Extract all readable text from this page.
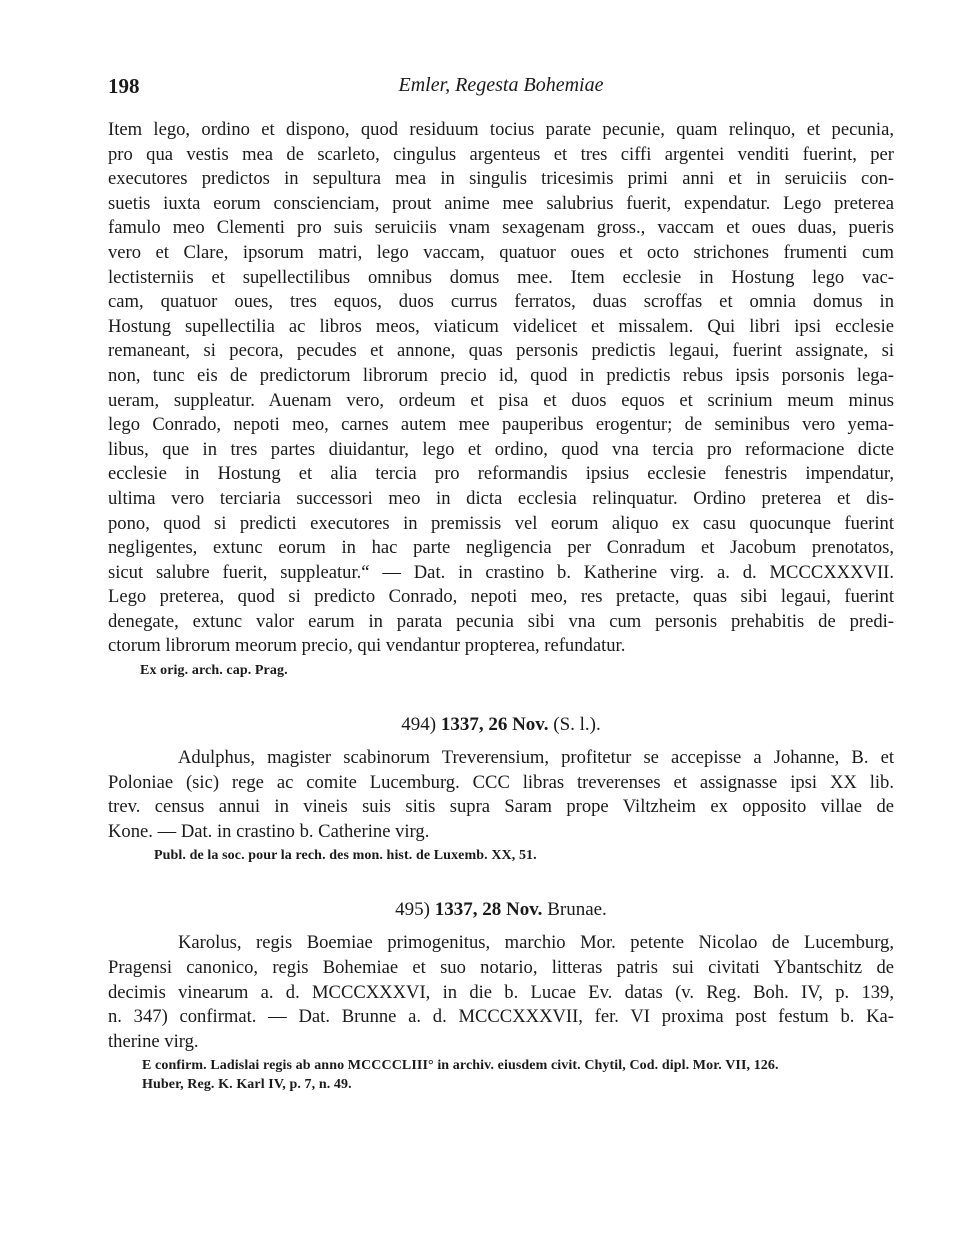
198	Emler, Regesta Bohemiae

Item lego, ordino et dispono, quod residuum tocius parate pecunie, quam relinquo, et pecunia,
pro qua vestis mea de scarleto, cingulus argenteus et tres ciffi argentei venditi fuerint, per
executores predictos in sepultura mea in singulis tricesimis primi anni et in seruiciis con-
suetis iuxta eorum conscienciam, prout anime mee salubrius fuerit, expendatur. Lego preterea
famulo meo Clementi pro suis seruiciis vnam sexagenam gross., vaccam et oues duas, pueris
vero et Clare, ipsorum matri, lego vaccam, quatuor oues et octo strichones frumenti cum
lectisterniis et supellectilibus omnibus domus mee. Item ecclesie in Hostung lego vac-
cam, quatuor oues, tres equos, duos currus ferratos, duas scroffas et omnia domus in
Hostung supellectilia ac libros meos, viaticum videlicet et missalem. Qui libri ipsi ecclesie
remaneant, si pecora, pecudes et annone, quas personis predictis legaui, fuerint assignate, si
non, tunc eis de predictorum librorum precio id, quod in predictis rebus ipsis porsonis lega-
ueram, suppleatur. Auenam vero, ordeum et pisa et duos equos et scrinium meum minus
lego Conrado, nepoti meo, carnes autem mee pauperibus erogentur; de seminibus vero yema-
libus, que in tres partes diuidantur, lego et ordino, quod vna tercia pro reformacione dicte
ecclesie in Hostung et alia tercia pro reformandis ipsius ecclesie fenestris impendatur,
ultima vero terciaria successori meo in dicta ecclesia relinquatur. Ordino preterea et dis-
pono, quod si predicti executores in premissis vel eorum aliquo ex casu quocunque fuerint
negligentes, extunc eorum in hac parte negligencia per Conradum et Jacobum prenotatos,
sicut salubre fuerit, suppleatur.“ — Dat. in crastino b. Katherine virg. a. d. MCCCXXXVII.
Lego preterea, quod si predicto Conrado, nepoti meo, res pretacte, quas sibi legaui, fuerint
denegate, extunc valor earum in parata pecunia sibi vna cum personis prehabitis de predi-
ctorum librorum meorum precio, qui vendantur propterea, refundatur.

Ex orig. arch. cap. Prag.
494) 1337, 26 Nov. (S. l.).

Adulphus, magister scabinorum Treverensium, profitetur se accepisse a Johanne, B. et
Poloniae (sic) rege ac comite Lucemburg. CCC libras treverenses et assignasse ipsi XX lib.
trev. census annui in vineis suis sitis supra Saram prope Viltzheim ex opposito villae de
Kone. — Dat. in crastino b. Catherine virg.

Publ. de la soc. pour la rech. des mon. hist. de Luxemb. XX, 51.
495) 1337, 28 Nov. Brunae.

Karolus, regis Boemiae primogenitus, marchio Mor. petente Nicolao de Lucemburg,
Pragensi canonico, regis Bohemiae et suo notario, litteras patris sui civitati Ybantschitz de
decimis vinearum a. d. MCCCXXXVI, in die b. Lucae Ev. datas (v. Reg. Boh. IV, p. 139,
n. 347) confirmat. — Dat. Brunne a. d. MCCCXXXVII, fer. VI proxima post festum b. Ka-
therine virg.

E confirm. Ladislai regis ab anno MCCCCLIII° in archiv. eiusdem civit. Chytil, Cod. dipl. Mor. VII, 126.
Huber, Reg. K. Karl IV, p. 7, n. 49.
